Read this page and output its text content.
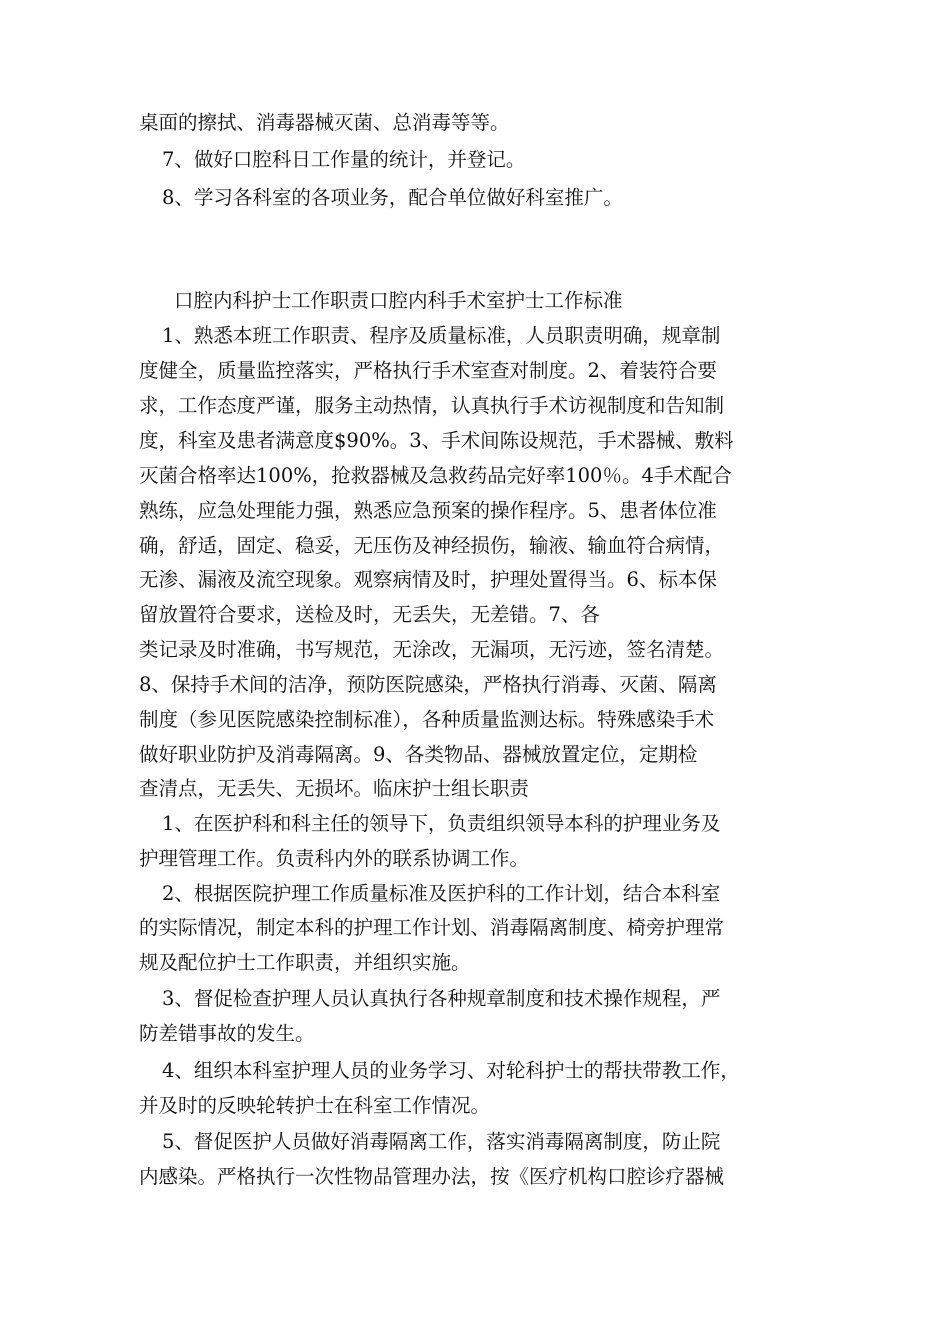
桌面的擦拭、消毒器械灭菌、总消毒等等。
7、做好口腔科日工作量的统计，并登记。
8、学习各科室的各项业务，配合单位做好科室推广。
口腔内科护士工作职责口腔内科手术室护士工作标准
1、熟悉本班工作职责、程序及质量标准，人员职责明确，规章制
度健全，质量监控落实，严格执行手术室查对制度。2、着装符合要
求，工作态度严谨，服务主动热情，认真执行手术访视制度和告知制
度，科室及患者满意度$90%。3、手术间陈设规范，手术器械、敷料
灭菌合格率达100%，抢救器械及急救药品完好率100％。4手术配合
熟练，应急处理能力强，熟悉应急预案的操作程序。5、患者体位准
确，舒适，固定、稳妥，无压伤及神经损伤，输液、输血符合病情，
无渗、漏液及流空现象。观察病情及时，护理处置得当。6、标本保
留放置符合要求，送检及时，无丢失，无差错。7、各
类记录及时准确，书写规范，无涂改，无漏项，无污迹，签名清楚。
8、保持手术间的洁净，预防医院感染，严格执行消毒、灭菌、隔离
制度（参见医院感染控制标准），各种质量监测达标。特殊感染手术
做好职业防护及消毒隔离。9、各类物品、器械放置定位，定期检
查清点，无丢失、无损坏。临床护士组长职责
1、在医护科和科主任的领导下，负责组织领导本科的护理业务及
护理管理工作。负责科内外的联系协调工作。
2、根据医院护理工作质量标准及医护科的工作计划，结合本科室
的实际情况，制定本科的护理工作计划、消毒隔离制度、椅旁护理常
规及配位护士工作职责，并组织实施。
3、督促检查护理人员认真执行各种规章制度和技术操作规程，严
防差错事故的发生。
4、组织本科室护理人员的业务学习、对轮科护士的帮扶带教工作，
并及时的反映轮转护士在科室工作情况。
5、督促医护人员做好消毒隔离工作，落实消毒隔离制度，防止院
内感染。严格执行一次性物品管理办法，按《医疗机构口腔诊疗器械
